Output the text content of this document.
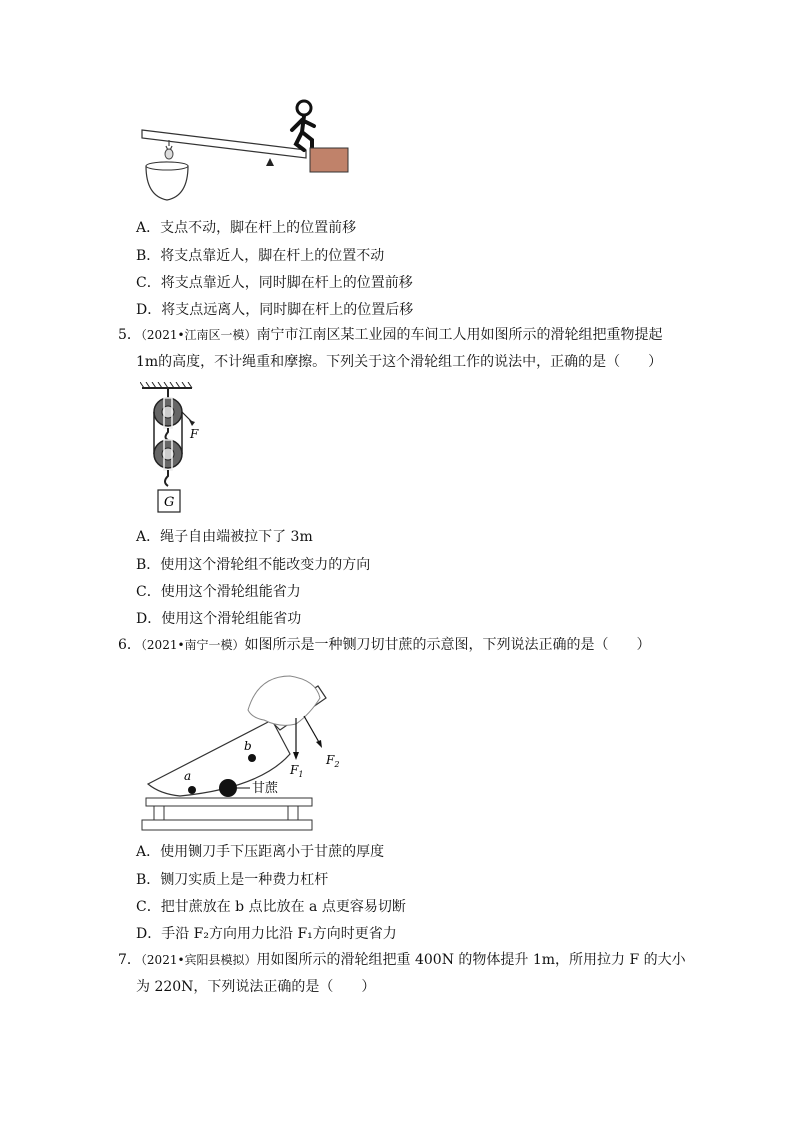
A．支点不动，脚在杆上的位置前移
B．将支点靠近人，脚在杆上的位置不动
C．将支点靠近人，同时脚在杆上的位置前移
D．将支点远离人，同时脚在杆上的位置后移
5．（2021•江南区一模）南宁市江南区某工业园的车间工人用如图所示的滑轮组把重物提起
1m的高度，不计绳重和摩擦。下列关于这个滑轮组工作的说法中，正确的是（　　）
F
G
A．绳子自由端被拉下了 3m
B．使用这个滑轮组不能改变力的方向
C．使用这个滑轮组能省力
D．使用这个滑轮组能省功
6．（2021•南宁一模）如图所示是一种铡刀切甘蔗的示意图，下列说法正确的是（　　）
a
b
甘蔗
$F_1$
$F_2$
A．使用铡刀手下压距离小于甘蔗的厚度
B．铡刀实质上是一种费力杠杆
C．把甘蔗放在 b 点比放在 a 点更容易切断
D．手沿 F₂方向用力比沿 F₁方向时更省力
7．（2021•宾阳县模拟）用如图所示的滑轮组把重 400N 的物体提升 1m，所用拉力 F 的大小
为 220N，下列说法正确的是（　　）
